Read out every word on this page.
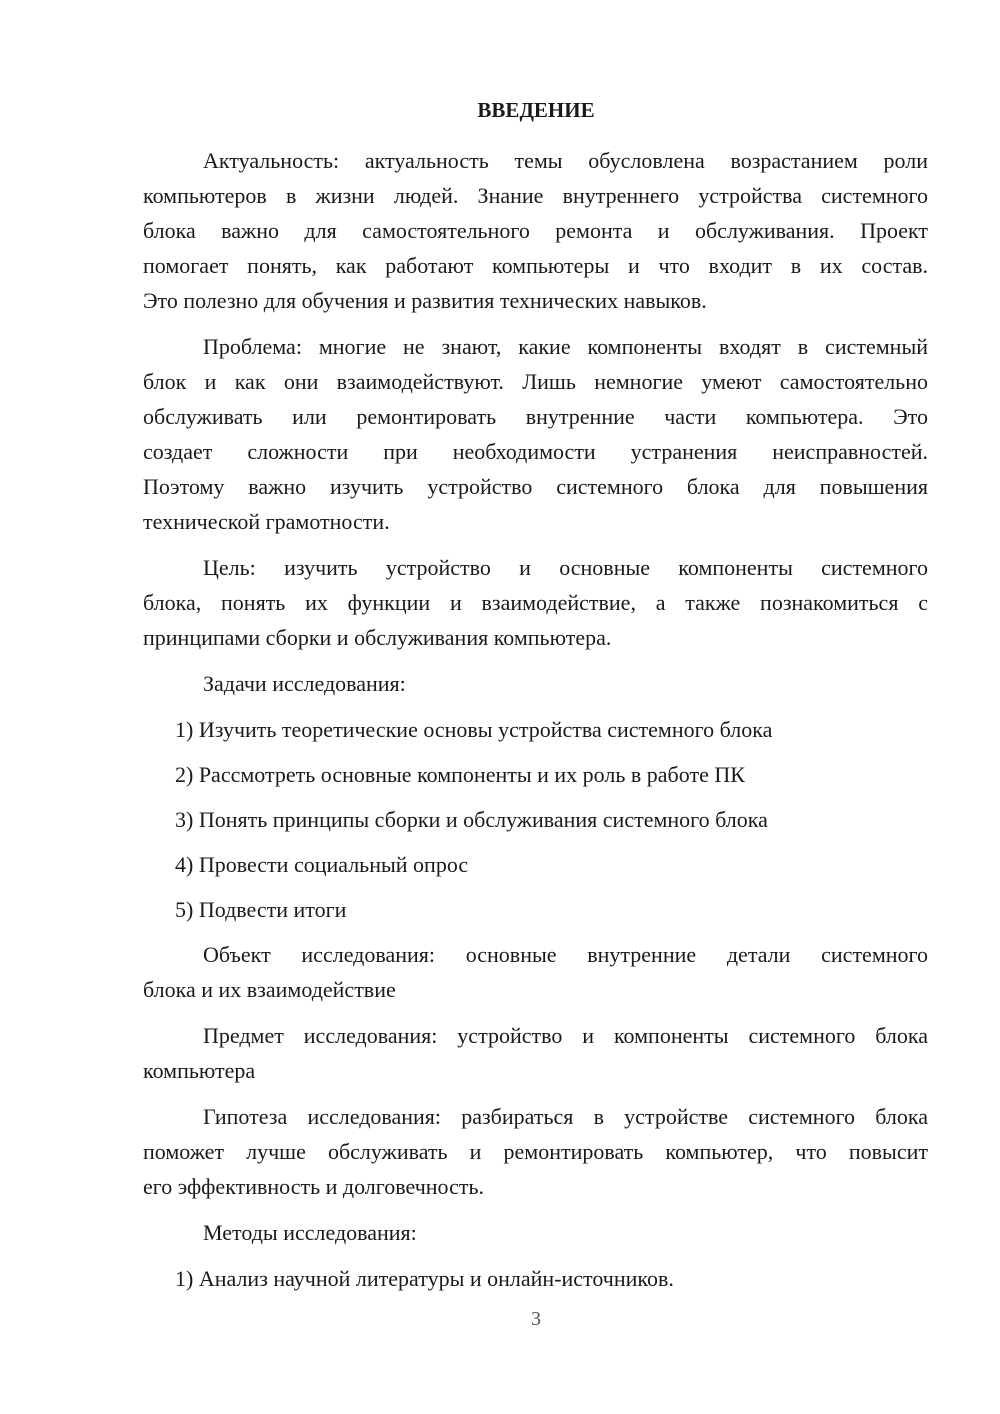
ВВЕДЕНИЕ
Актуальность: актуальность темы обусловлена возрастанием роли
компьютеров в жизни людей. Знание внутреннего устройства системного
блока важно для самостоятельного ремонта и обслуживания. Проект
помогает понять, как работают компьютеры и что входит в их состав.
Это полезно для обучения и развития технических навыков.
Проблема: многие не знают, какие компоненты входят в системный
блок и как они взаимодействуют. Лишь немногие умеют самостоятельно
обслуживать или ремонтировать внутренние части компьютера. Это
создает сложности при необходимости устранения неисправностей.
Поэтому важно изучить устройство системного блока для повышения
технической грамотности.
Цель: изучить устройство и основные компоненты системного
блока, понять их функции и взаимодействие, а также познакомиться с
принципами сборки и обслуживания компьютера.
Задачи исследования:
1) Изучить теоретические основы устройства системного блока
2) Рассмотреть основные компоненты и их роль в работе ПК
3) Понять принципы сборки и обслуживания системного блока
4) Провести социальный опрос
5) Подвести итоги
Объект исследования: основные внутренние детали системного
блока и их взаимодействие
Предмет исследования: устройство и компоненты системного блока
компьютера
Гипотеза исследования: разбираться в устройстве системного блока
поможет лучше обслуживать и ремонтировать компьютер, что повысит
его эффективность и долговечность.
Методы исследования:
1) Анализ научной литературы и онлайн-источников.
3
